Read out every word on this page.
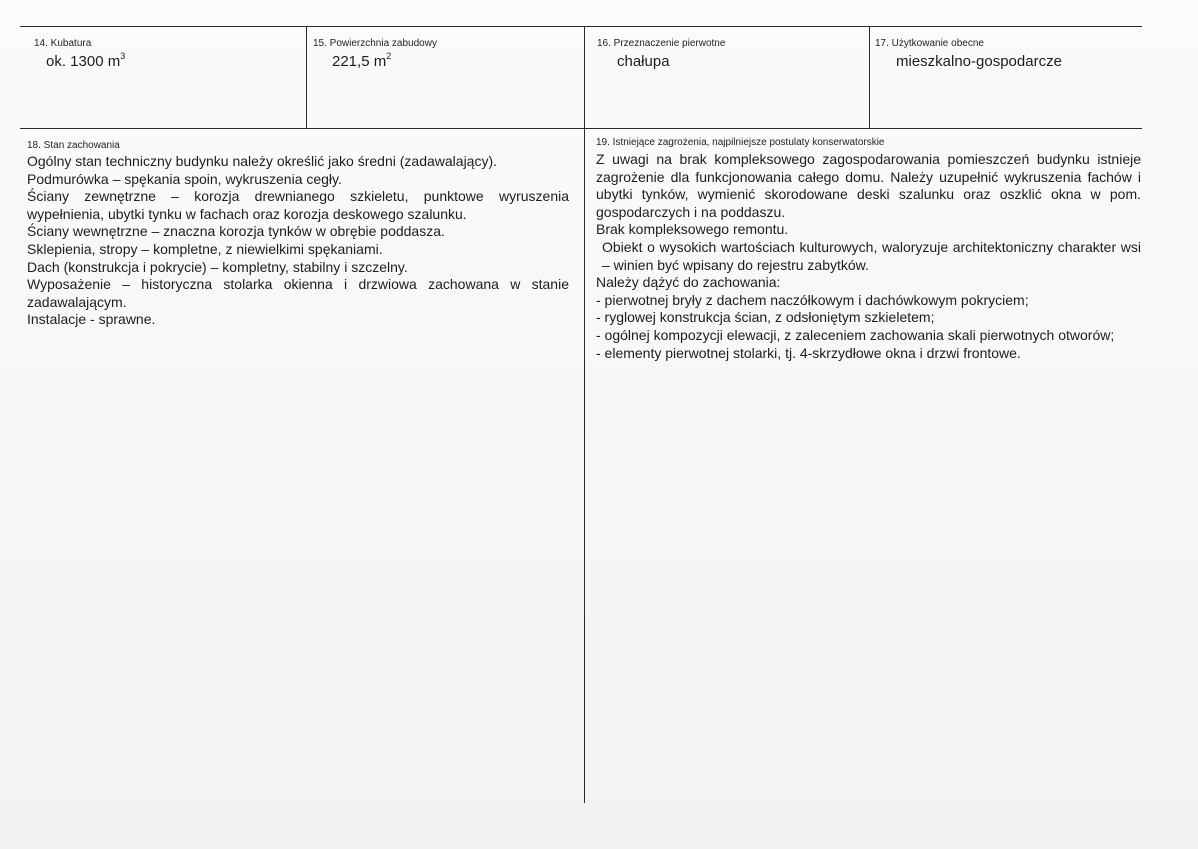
14. Kubatura
ok. 1300 $m^3$
15. Powierzchnia zabudowy
221,5 $m^2$
16. Przeznaczenie pierwotne
chałupa
17. Użytkowanie obecne
mieszkalno-gospodarcze
18. Stan zachowania

Ogólny stan techniczny budynku należy określić jako średni (zadawalający).

Podmurówka – spękania spoin, wykruszenia cegły.

Ściany zewnętrzne – korozja drewnianego szkieletu, punktowe wyruszenia wypełnienia, ubytki tynku w fachach oraz korozja deskowego szalunku.

Ściany wewnętrzne – znaczna korozja tynków w obrębie poddasza.

Sklepienia, stropy – kompletne, z niewielkimi spękaniami.

Dach (konstrukcja i pokrycie) – kompletny, stabilny i szczelny.

Wyposażenie – historyczna stolarka okienna i drzwiowa zachowana w stanie zadawalającym.

Instalacje - sprawne.

19. Istniejące zagrożenia, najpilniejsze postulaty konserwatorskie

Z uwagi na brak kompleksowego zagospodarowania pomieszczeń budynku istnieje zagrożenie dla funkcjonowania całego domu. Należy uzupełnić wykruszenia fachów i ubytki tynków, wymienić skorodowane deski szalunku oraz oszklić okna w pom. gospodarczych i na poddaszu.

Brak kompleksowego remontu.

Obiekt o wysokich wartościach kulturowych, waloryzuje architektoniczny charakter wsi – winien być wpisany do rejestru zabytków.

Należy dążyć do zachowania:

- pierwotnej bryły z dachem naczółkowym i dachówkowym pokryciem;

- ryglowej konstrukcja ścian, z odsłoniętym szkieletem;

- ogólnej kompozycji elewacji, z zaleceniem zachowania skali pierwotnych otworów;

- elementy pierwotnej stolarki, tj. 4-skrzydłowe okna i drzwi frontowe.
